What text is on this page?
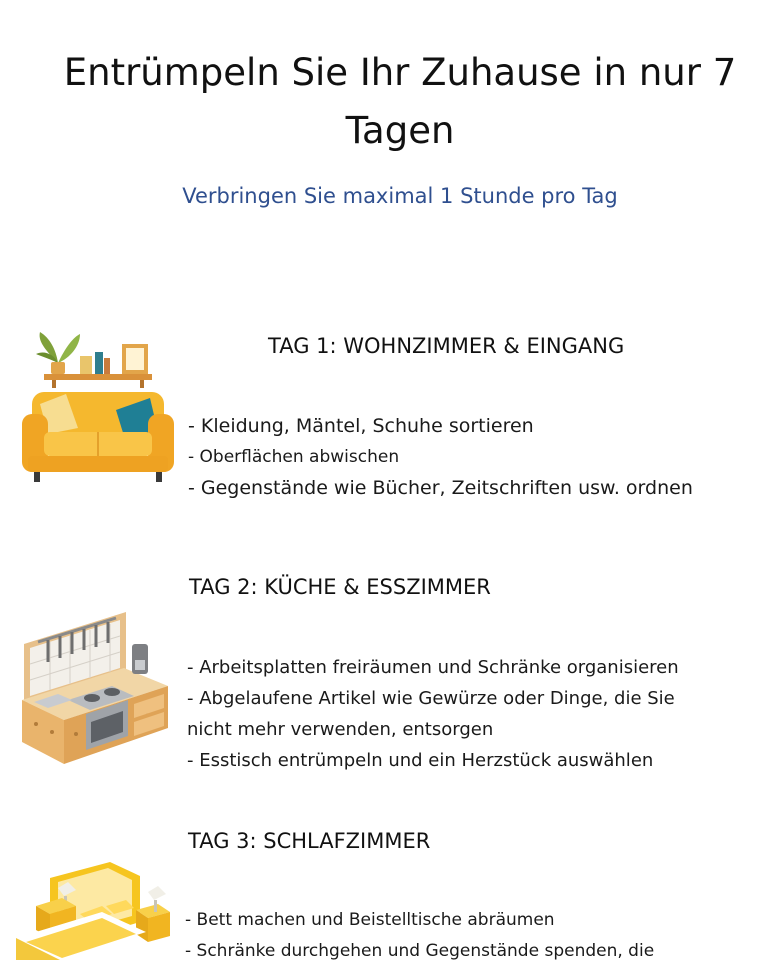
Entrümpeln Sie Ihr Zuhause in nur 7 Tagen
Verbringen Sie maximal 1 Stunde pro Tag
TAG 1: WOHNZIMMER & EINGANG
- Kleidung, Mäntel, Schuhe sortieren
- Oberflächen abwischen
- Gegenstände wie Bücher, Zeitschriften usw. ordnen
TAG 2: KÜCHE & ESSZIMMER
- Arbeitsplatten freiräumen und Schränke organisieren
- Abgelaufene Artikel wie Gewürze oder Dinge, die Sie
nicht mehr verwenden, entsorgen
- Esstisch entrümpeln und ein Herzstück auswählen
TAG 3: SCHLAFZIMMER
- Bett machen und Beistelltische abräumen
- Schränke durchgehen und Gegenstände spenden, die
